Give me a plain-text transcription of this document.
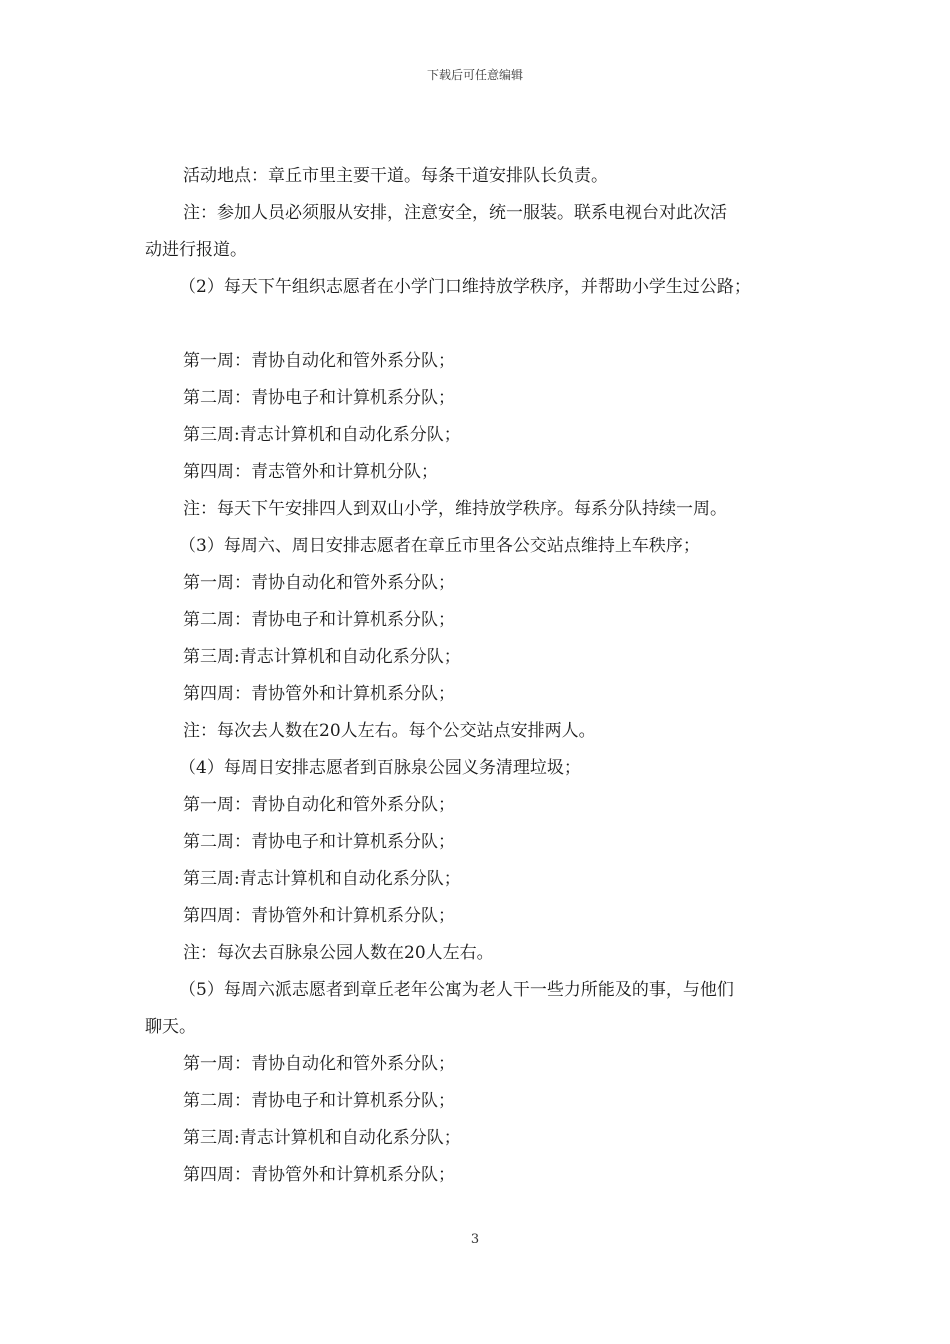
下载后可任意编辑
活动地点：章丘市里主要干道。每条干道安排队长负责。
注：参加人员必须服从安排，注意安全，统一服装。联系电视台对此次活
动进行报道。
（2）每天下午组织志愿者在小学门口维持放学秩序，并帮助小学生过公路；
第一周：青协自动化和管外系分队；
第二周：青协电子和计算机系分队；
第三周:青志计算机和自动化系分队；
第四周：青志管外和计算机分队；
注：每天下午安排四人到双山小学，维持放学秩序。每系分队持续一周。
（3）每周六、周日安排志愿者在章丘市里各公交站点维持上车秩序；
第一周：青协自动化和管外系分队；
第二周：青协电子和计算机系分队；
第三周:青志计算机和自动化系分队；
第四周：青协管外和计算机系分队；
注：每次去人数在20人左右。每个公交站点安排两人。
（4）每周日安排志愿者到百脉泉公园义务清理垃圾；
第一周：青协自动化和管外系分队；
第二周：青协电子和计算机系分队；
第三周:青志计算机和自动化系分队；
第四周：青协管外和计算机系分队；
注：每次去百脉泉公园人数在20人左右。
（5）每周六派志愿者到章丘老年公寓为老人干一些力所能及的事，与他们
聊天。
第一周：青协自动化和管外系分队；
第二周：青协电子和计算机系分队；
第三周:青志计算机和自动化系分队；
第四周：青协管外和计算机系分队；
3
